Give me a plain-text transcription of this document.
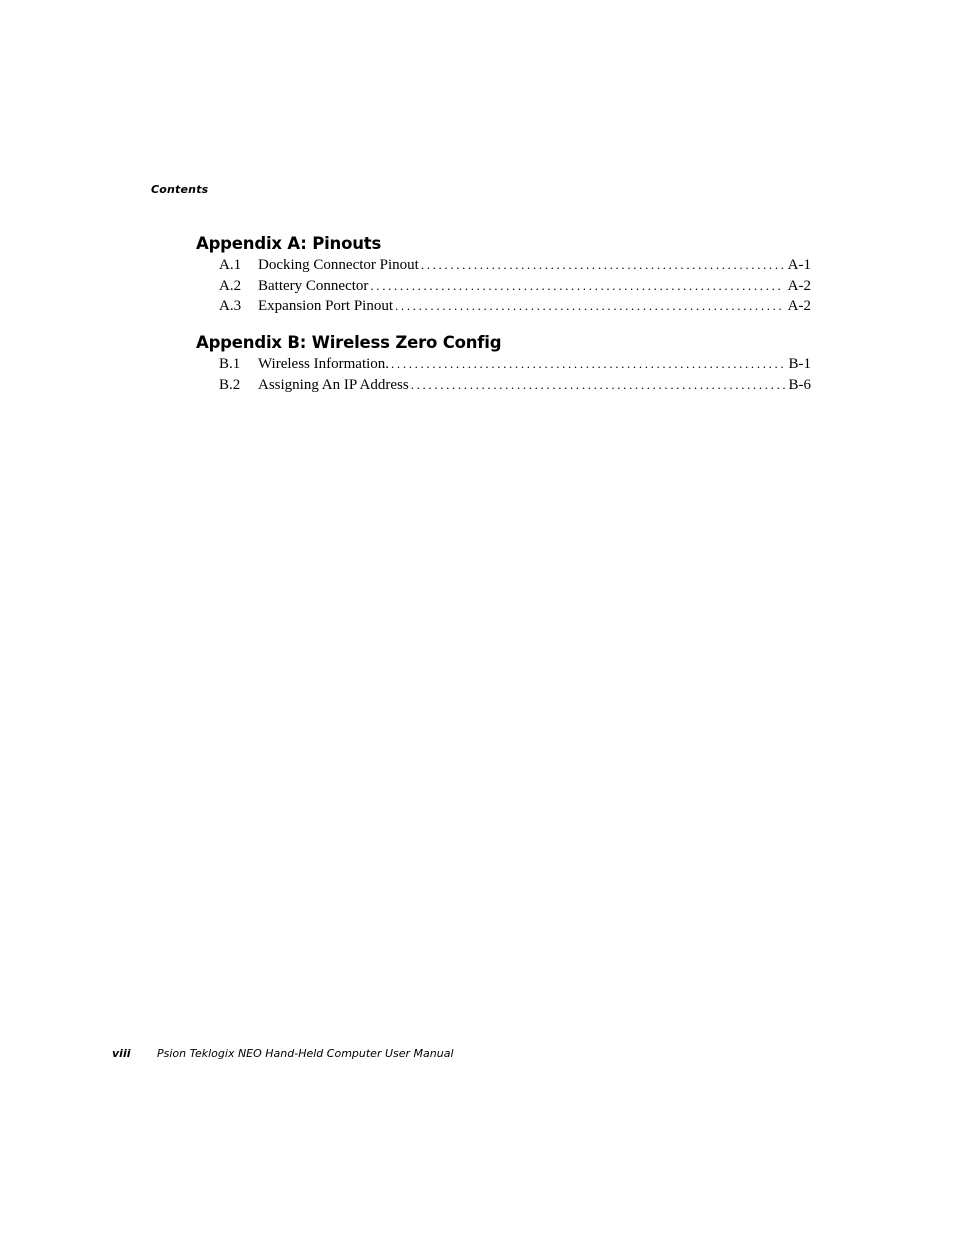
Contents
Appendix A: Pinouts
A.1	Docking Connector Pinout . . .	A-1
A.2	Battery Connector . . .	A-2
A.3	Expansion Port Pinout . . .	A-2
Appendix B: Wireless Zero Config
B.1	Wireless Information. . . .	B-1
B.2	Assigning An IP Address . . .	B-6
viii Psion Teklogix NEO Hand-Held Computer User Manual
